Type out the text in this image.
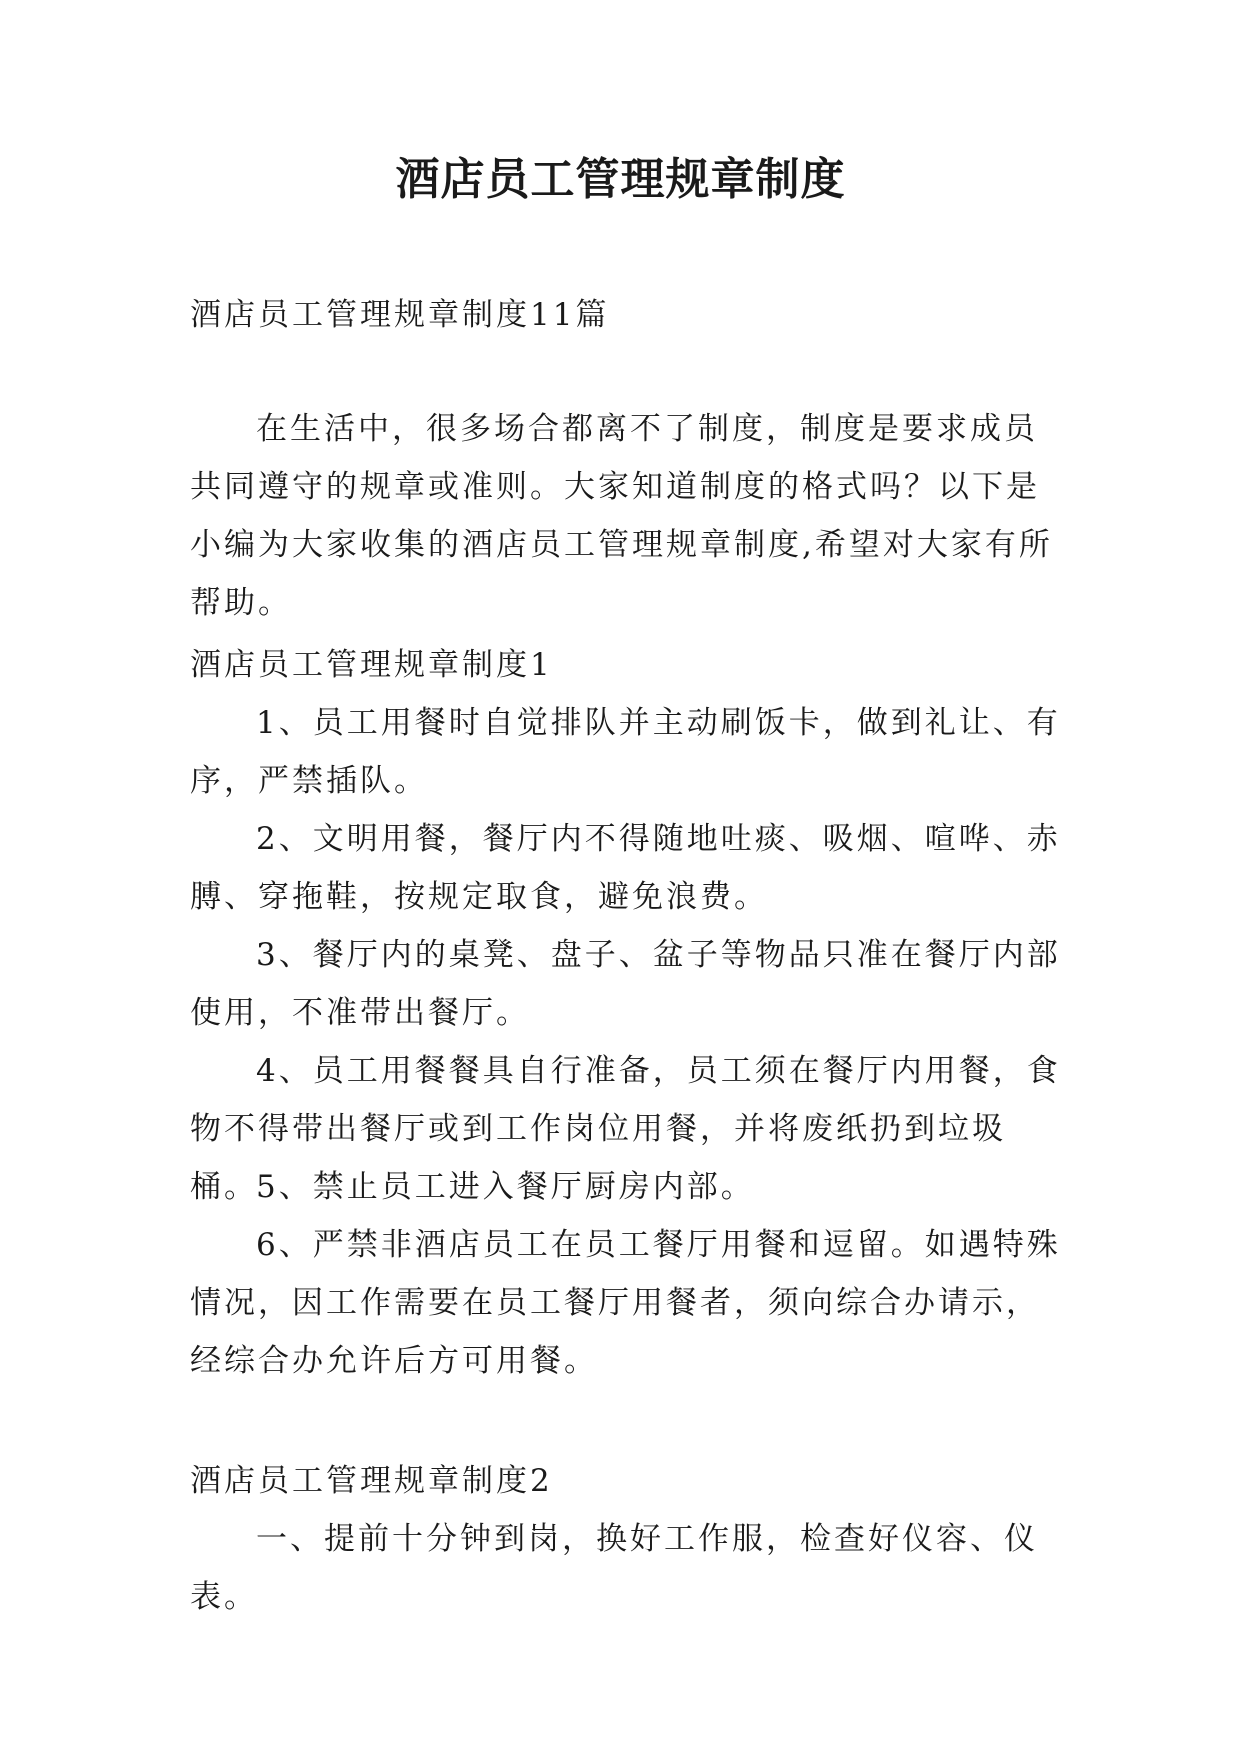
酒店员工管理规章制度

酒店员工管理规章制度11篇

在生活中，很多场合都离不了制度，制度是要求成员共同遵守的规章或准则。大家知道制度的格式吗？以下是小编为大家收集的酒店员工管理规章制度,希望对大家有所帮助。

酒店员工管理规章制度1

1、员工用餐时自觉排队并主动刷饭卡，做到礼让、有序，严禁插队。

2、文明用餐，餐厅内不得随地吐痰、吸烟、喧哗、赤膊、穿拖鞋，按规定取食，避免浪费。

3、餐厅内的桌凳、盘子、盆子等物品只准在餐厅内部使用，不准带出餐厅。

4、员工用餐餐具自行准备，员工须在餐厅内用餐，食物不得带出餐厅或到工作岗位用餐，并将废纸扔到垃圾桶。

5、禁止员工进入餐厅厨房内部。

6、严禁非酒店员工在员工餐厅用餐和逗留。如遇特殊情况，因工作需要在员工餐厅用餐者，须向综合办请示，经综合办允许后方可用餐。

酒店员工管理规章制度2

一、提前十分钟到岗，换好工作服，检查好仪容、仪表。
